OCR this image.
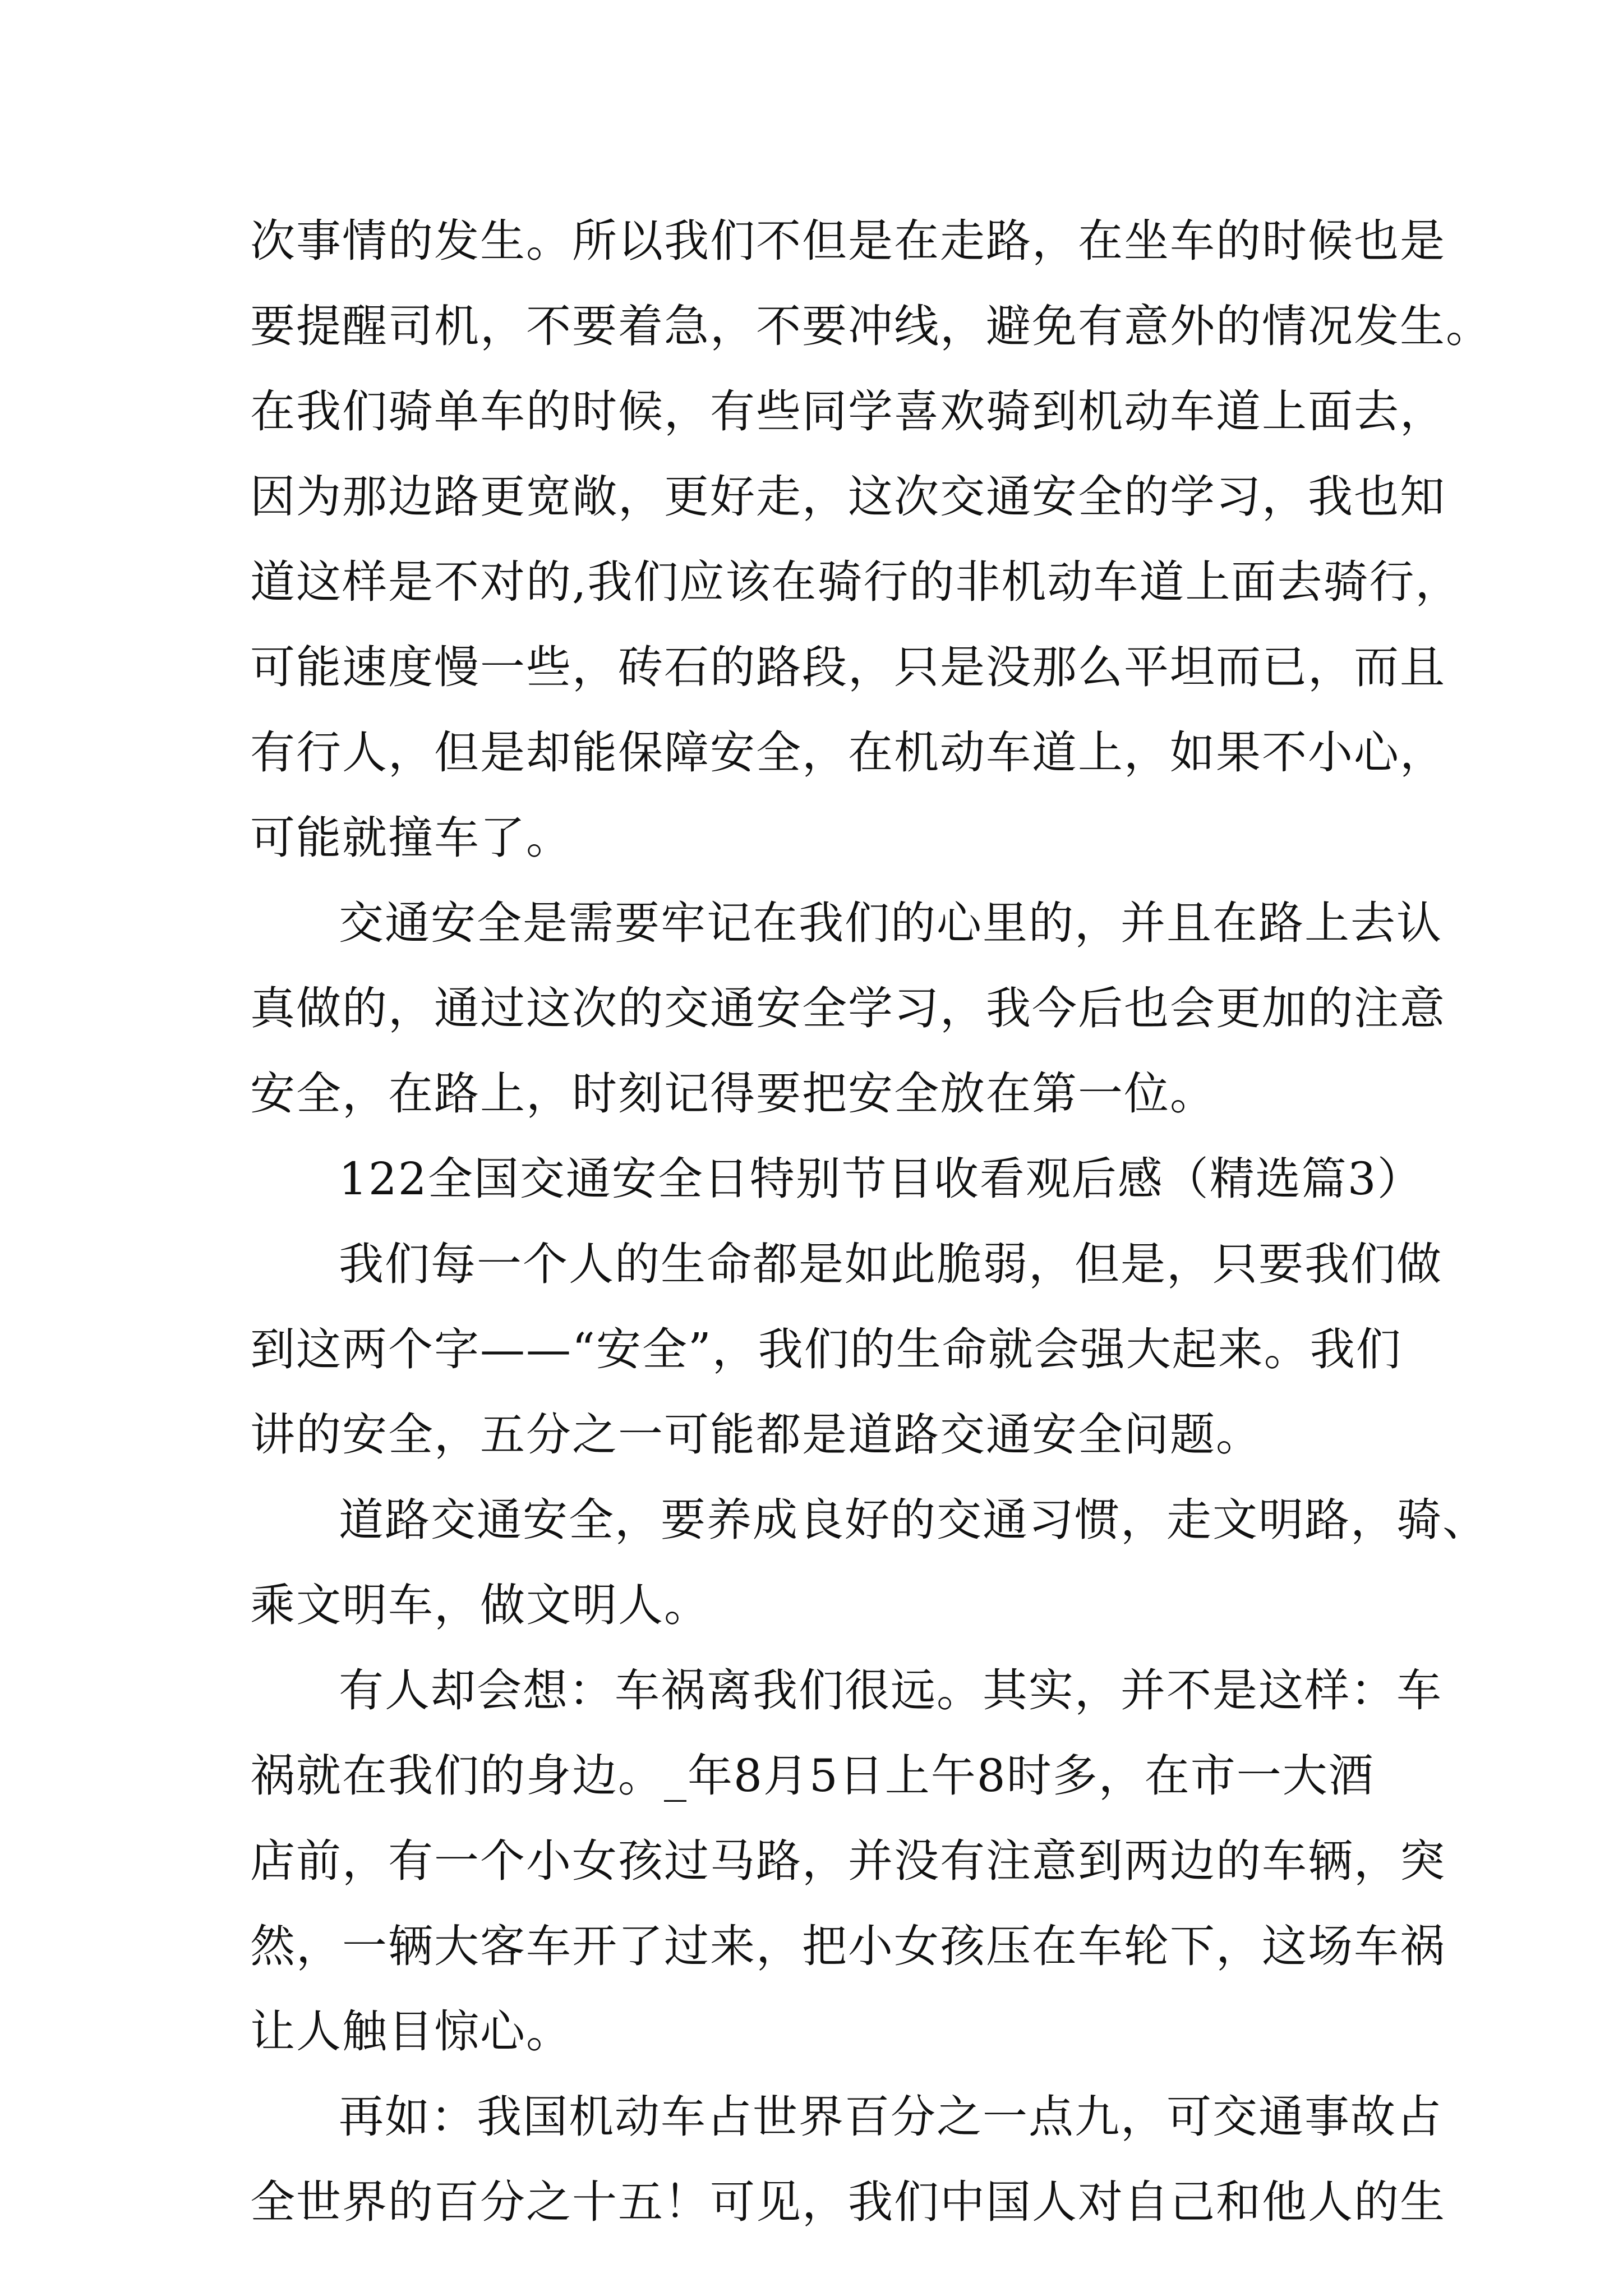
次事情的发生。所以我们不但是在走路，在坐车的时候也是
要提醒司机，不要着急，不要冲线，避免有意外的情况发生。
在我们骑单车的时候，有些同学喜欢骑到机动车道上面去，
因为那边路更宽敞，更好走，这次交通安全的学习，我也知
道这样是不对的,我们应该在骑行的非机动车道上面去骑行，
可能速度慢一些，砖石的路段，只是没那么平坦而已，而且
有行人，但是却能保障安全，在机动车道上，如果不小心，
可能就撞车了。
交通安全是需要牢记在我们的心里的，并且在路上去认
真做的，通过这次的交通安全学习，我今后也会更加的注意
安全，在路上，时刻记得要把安全放在第一位。
122全国交通安全日特别节目收看观后感（精选篇3）
我们每一个人的生命都是如此脆弱，但是，只要我们做
到这两个字——“安全”，我们的生命就会强大起来。我们
讲的安全，五分之一可能都是道路交通安全问题。
道路交通安全，要养成良好的交通习惯，走文明路，骑、
乘文明车，做文明人。
有人却会想：车祸离我们很远。其实，并不是这样：车
祸就在我们的身边。_年8月5日上午8时多，在市一大酒
店前，有一个小女孩过马路，并没有注意到两边的车辆，突
然，一辆大客车开了过来，把小女孩压在车轮下，这场车祸
让人触目惊心。
再如：我国机动车占世界百分之一点九，可交通事故占
全世界的百分之十五！可见，我们中国人对自己和他人的生
